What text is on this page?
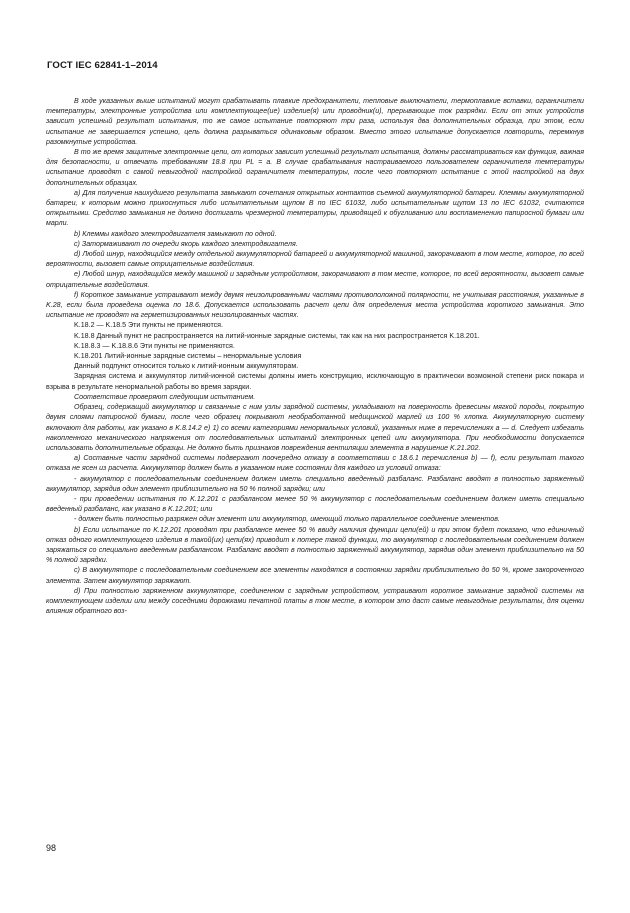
ГОСТ IEC 62841-1–2014

В ходе указанных выше испытаний могут срабатывать плавкие предохранители, тепловые выключатели, термоплавкие вставки, ограничители температуры, электронные устройства или комплектующее(ие) изделие(я) или проводник(и), прерывающие ток разрядки. Если от этих устройств зависит успешный результат испытания, то же самое испытание повторяют три раза, используя два дополнительных образца, при этом, если испытание не завершается успешно, цепь должна разрываться одинаковым образом. Вместо этого испытание допускается повторить, перемкнув разомкнутые устройства.

В то же время защитные электронные цепи, от которых зависит успешный результат испытания, должны рассматриваться как функция, важная для безопасности, и отвечать требованиям 18.8 при PL = a. В случае срабатывания настраиваемого пользователем ограничителя температуры испытание проводят с самой невыгодной настройкой ограничителя температуры, после чего повторяют испытание с этой настройкой на двух дополнительных образцах.

a) Для получения наихудшего результата замыкают сочетания открытых контактов съемной аккумуляторной батареи. Клеммы аккумуляторной батареи, к которым можно прикоснуться либо испытательным щупом B по IEC 61032, либо испытательным щупом 13 по IEC 61032, считаются открытыми. Средство замыкания не должно достигать чрезмерной температуры, приводящей к обугливанию или воспламенению папиросной бумаги или марли.

b) Клеммы каждого электродвигателя замыкают по одной.

c) Затормаживают по очереди якорь каждого электродвигателя.

d) Любой шнур, находящийся между отдельной аккумуляторной батареей и аккумуляторной машиной, закорачивают в том месте, которое, по всей вероятности, вызовет самые отрицательные воздействия.

e) Любой шнур, находящийся между машиной и зарядным устройством, закорачивают в том месте, которое, по всей вероятности, вызовет самые отрицательные воздействия.

f) Короткое замыкание устраивают между двумя неизолированными частями противоположной полярности, не учитывая расстояния, указанные в K.28, если была проведена оценка по 18.6. Допускается использовать расчет цепи для определения места устройства короткого замыкания. Это испытание не проводят на герметизированных неизолированных частях.

K.18.2 — K.18.5 Эти пункты не применяются.

K.18.8 Данный пункт не распространяется на литий-ионные зарядные системы, так как на них распространяется K.18.201.

K.18.8.3 — K.18.8.6 Эти пункты не применяются.

K.18.201 Литий-ионные зарядные системы – ненормальные условия

Данный подпункт относится только к литий-ионным аккумуляторам.

Зарядная система и аккумулятор литий-ионной системы должны иметь конструкцию, исключающую в практически возможной степени риск пожара и взрыва в результате ненормальной работы во время зарядки.

Соответствие проверяют следующим испытанием.

Образец, содержащий аккумулятор и связанные с ним узлы зарядной системы, укладывают на поверхность древесины мягкой породы, покрытую двумя слоями папиросной бумаги, после чего образец покрывают необработанной медицинской марлей из 100 % хлопка. Аккумуляторную систему включают для работы, как указано в K.8.14.2 e) 1) со всеми категориями ненормальных условий, указанных ниже в перечислениях a — d. Следует избегать накопленного механического напряжения от последовательных испытаний электронных цепей или аккумулятора. При необходимости допускается использовать дополнительные образцы. Не должно быть признаков повреждения вентиляции элемента в нарушение K.21.202.

a) Составные части зарядной системы подвергают поочередно отказу в соответствии с 18.6.1 перечисления b) — f), если результат такого отказа не ясен из расчета. Аккумулятор должен быть в указанном ниже состоянии для каждого из условий отказа:

- аккумулятор с последовательным соединением должен иметь специально введенный разбаланс. Разбаланс вводят в полностью заряженный аккумулятор, зарядив один элемент приблизительно на 50 % полной зарядки; или

- при проведении испытания по K.12.201 с разбалансом менее 50 % аккумулятор с последовательным соединением должен иметь специально введенный разбаланс, как указано в K.12.201; или

- должен быть полностью разряжен один элемент или аккумулятор, имеющий только параллельное соединение элементов.

b) Если испытание по K.12.201 проводят при разбалансе менее 50 % ввиду наличия функции цепи(ей) и при этом будет показано, что единичный отказ одного комплектующего изделия в такой(их) цепи(ях) приводит к потере такой функции, то аккумулятор с последовательным соединением должен заряжаться со специально введенным разбалансом. Разбаланс вводят в полностью заряженный аккумулятор, зарядив один элемент приблизительно на 50 % полной зарядки.

c) В аккумуляторе с последовательным соединением все элементы находятся в состоянии зарядки приблизительно до 50 %, кроме закороченного элемента. Затем аккумулятор заряжают.

d) При полностью заряженном аккумуляторе, соединенном с зарядным устройством, устраивают короткое замыкание зарядной системы на комплектующем изделии или между соседними дорожками печатной платы в том месте, в котором это даст самые невыгодные результаты, для оценки влияния обратного воз-

98
